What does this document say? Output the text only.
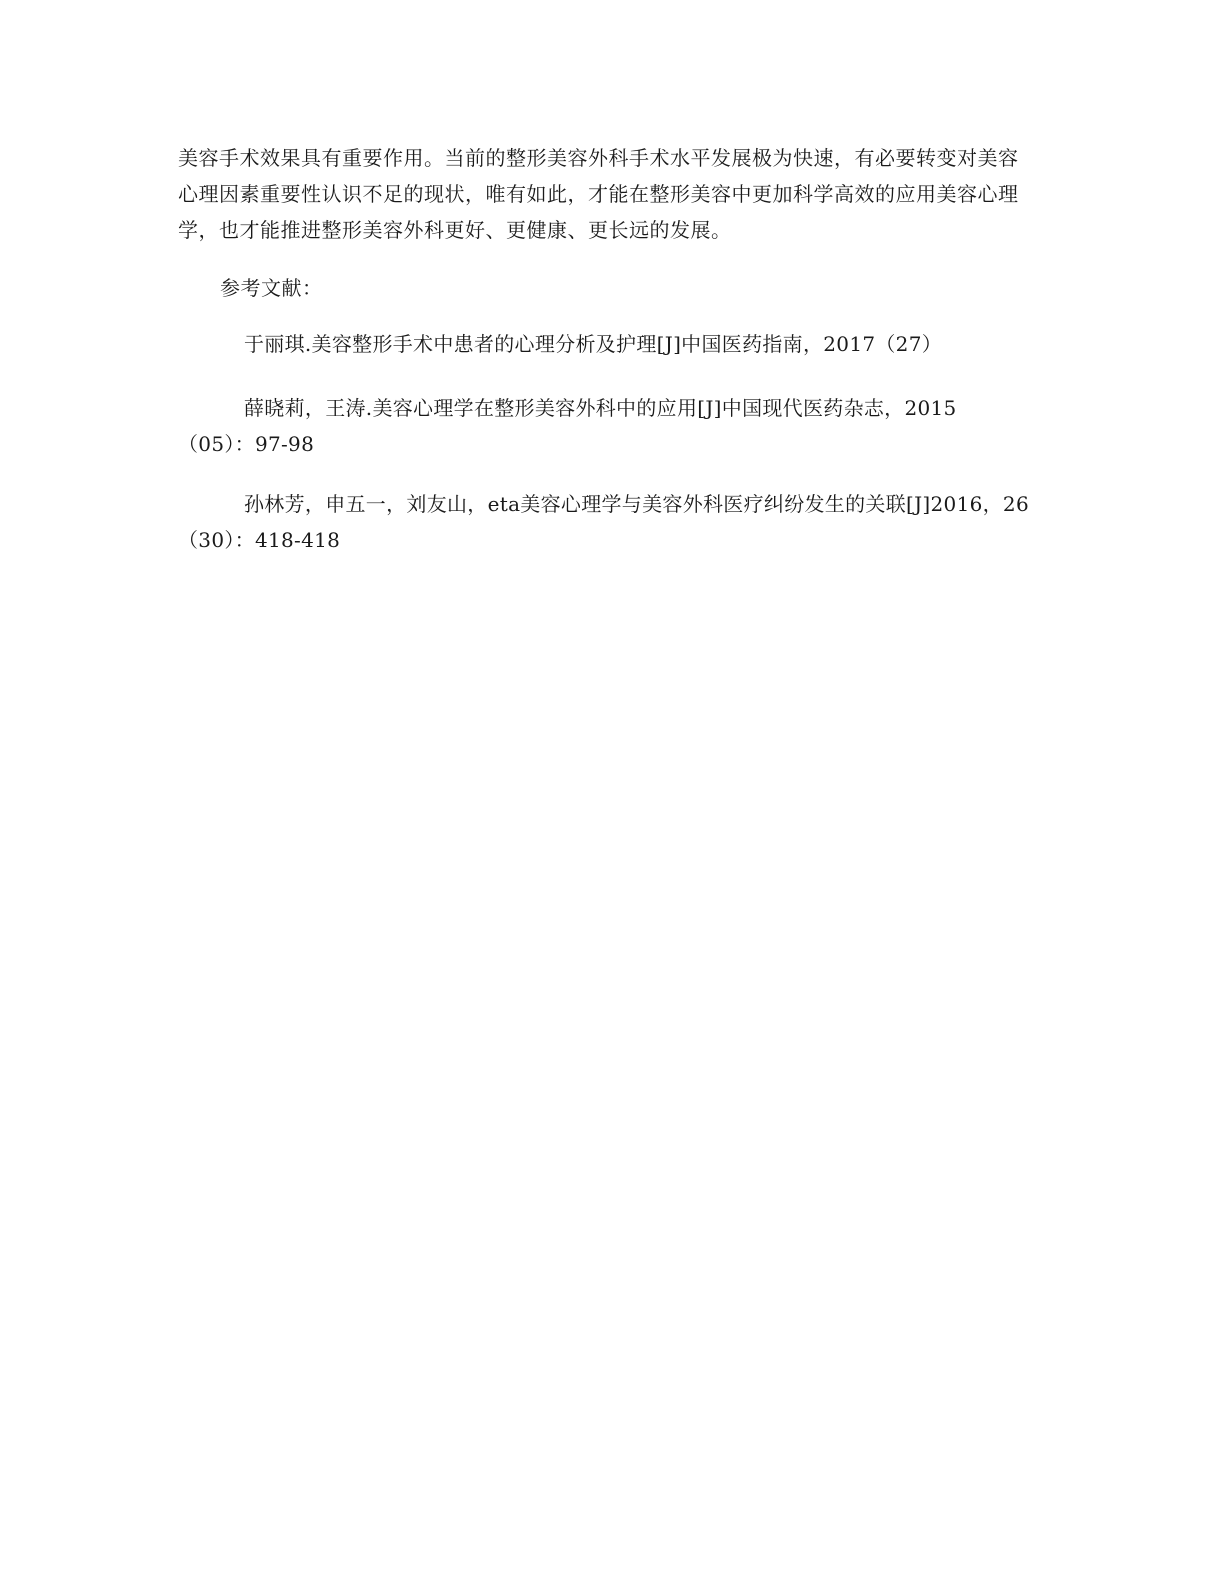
美容手术效果具有重要作用。当前的整形美容外科手术水平发展极为快速，有必要转变对美容
心理因素重要性认识不足的现状，唯有如此，才能在整形美容中更加科学高效的应用美容心理
学，也才能推进整形美容外科更好、更健康、更长远的发展。
参考文献：
于丽琪.美容整形手术中患者的心理分析及护理[J]中国医药指南，2017（27）
薛晓莉，王涛.美容心理学在整形美容外科中的应用[J]中国现代医药杂志，2015
（05）：97-98
孙林芳，申五一，刘友山，eta美容心理学与美容外科医疗纠纷发生的关联[J]2016，26
（30）：418-418
